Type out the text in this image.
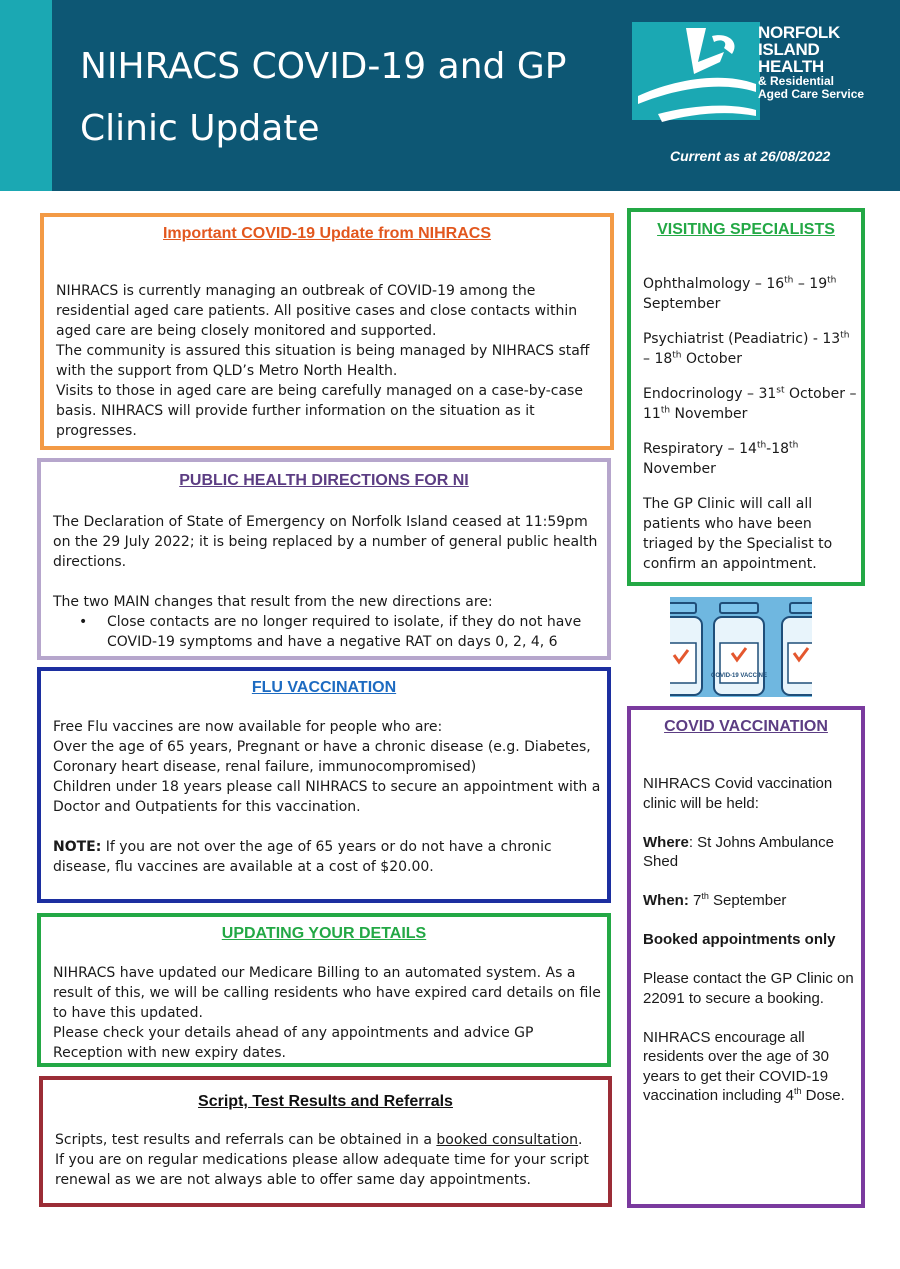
NIHRACS COVID-19 and GP
Clinic Update
NORFOLK
ISLAND
HEALTH
& Residential
Aged Care Service
Current as at 26/08/2022
Important COVID-19 Update from NIHRACS

NIHRACS is currently managing an outbreak of COVID-19 among the residential aged care patients. All positive cases and close contacts within aged care are being closely monitored and supported.

The community is assured this situation is being managed by NIHRACS staff with the support from QLD’s Metro North Health.

Visits to those in aged care are being carefully managed on a case-by-case basis. NIHRACS will provide further information on the situation as it progresses.

PUBLIC HEALTH DIRECTIONS FOR NI

The Declaration of State of Emergency on Norfolk Island ceased at 11:59pm on the 29 July 2022; it is being replaced by a number of general public health directions.

The two MAIN changes that result from the new directions are:

• Close contacts are no longer required to isolate, if they do not have COVID-19 symptoms and have a negative RAT on days 0, 2, 4, 6
FLU VACCINATION

Free Flu vaccines are now available for people who are:

Over the age of 65 years, Pregnant or have a chronic disease (e.g. Diabetes, Coronary heart disease, renal failure, immunocompromised)

Children under 18 years please call NIHRACS to secure an appointment with a Doctor and Outpatients for this vaccination.

NOTE: If you are not over the age of 65 years or do not have a chronic disease, flu vaccines are available at a cost of $20.00.

UPDATING YOUR DETAILS

NIHRACS have updated our Medicare Billing to an automated system. As a result of this, we will be calling residents who have expired card details on file to have this updated.

Please check your details ahead of any appointments and advice GP Reception with new expiry dates.

Script, Test Results and Referrals

Scripts, test results and referrals can be obtained in a booked consultation.

If you are on regular medications please allow adequate time for your script renewal as we are not always able to offer same day appointments.

VISITING SPECIALISTS

Ophthalmology – 16th – 19th September

Psychiatrist (Peadiatric) - 13th – 18th October

Endocrinology – 31st October – 11th November

Respiratory – 14th-18th November

The GP Clinic will call all patients who have been triaged by the Specialist to confirm an appointment.

COVID-19 VACCINE
COVID VACCINATION

NIHRACS Covid vaccination clinic will be held:

Where: St Johns Ambulance Shed

When: 7th September

Booked appointments only

Please contact the GP Clinic on 22091 to secure a booking.

NIHRACS encourage all residents over the age of 30 years to get their COVID-19 vaccination including 4th Dose.
